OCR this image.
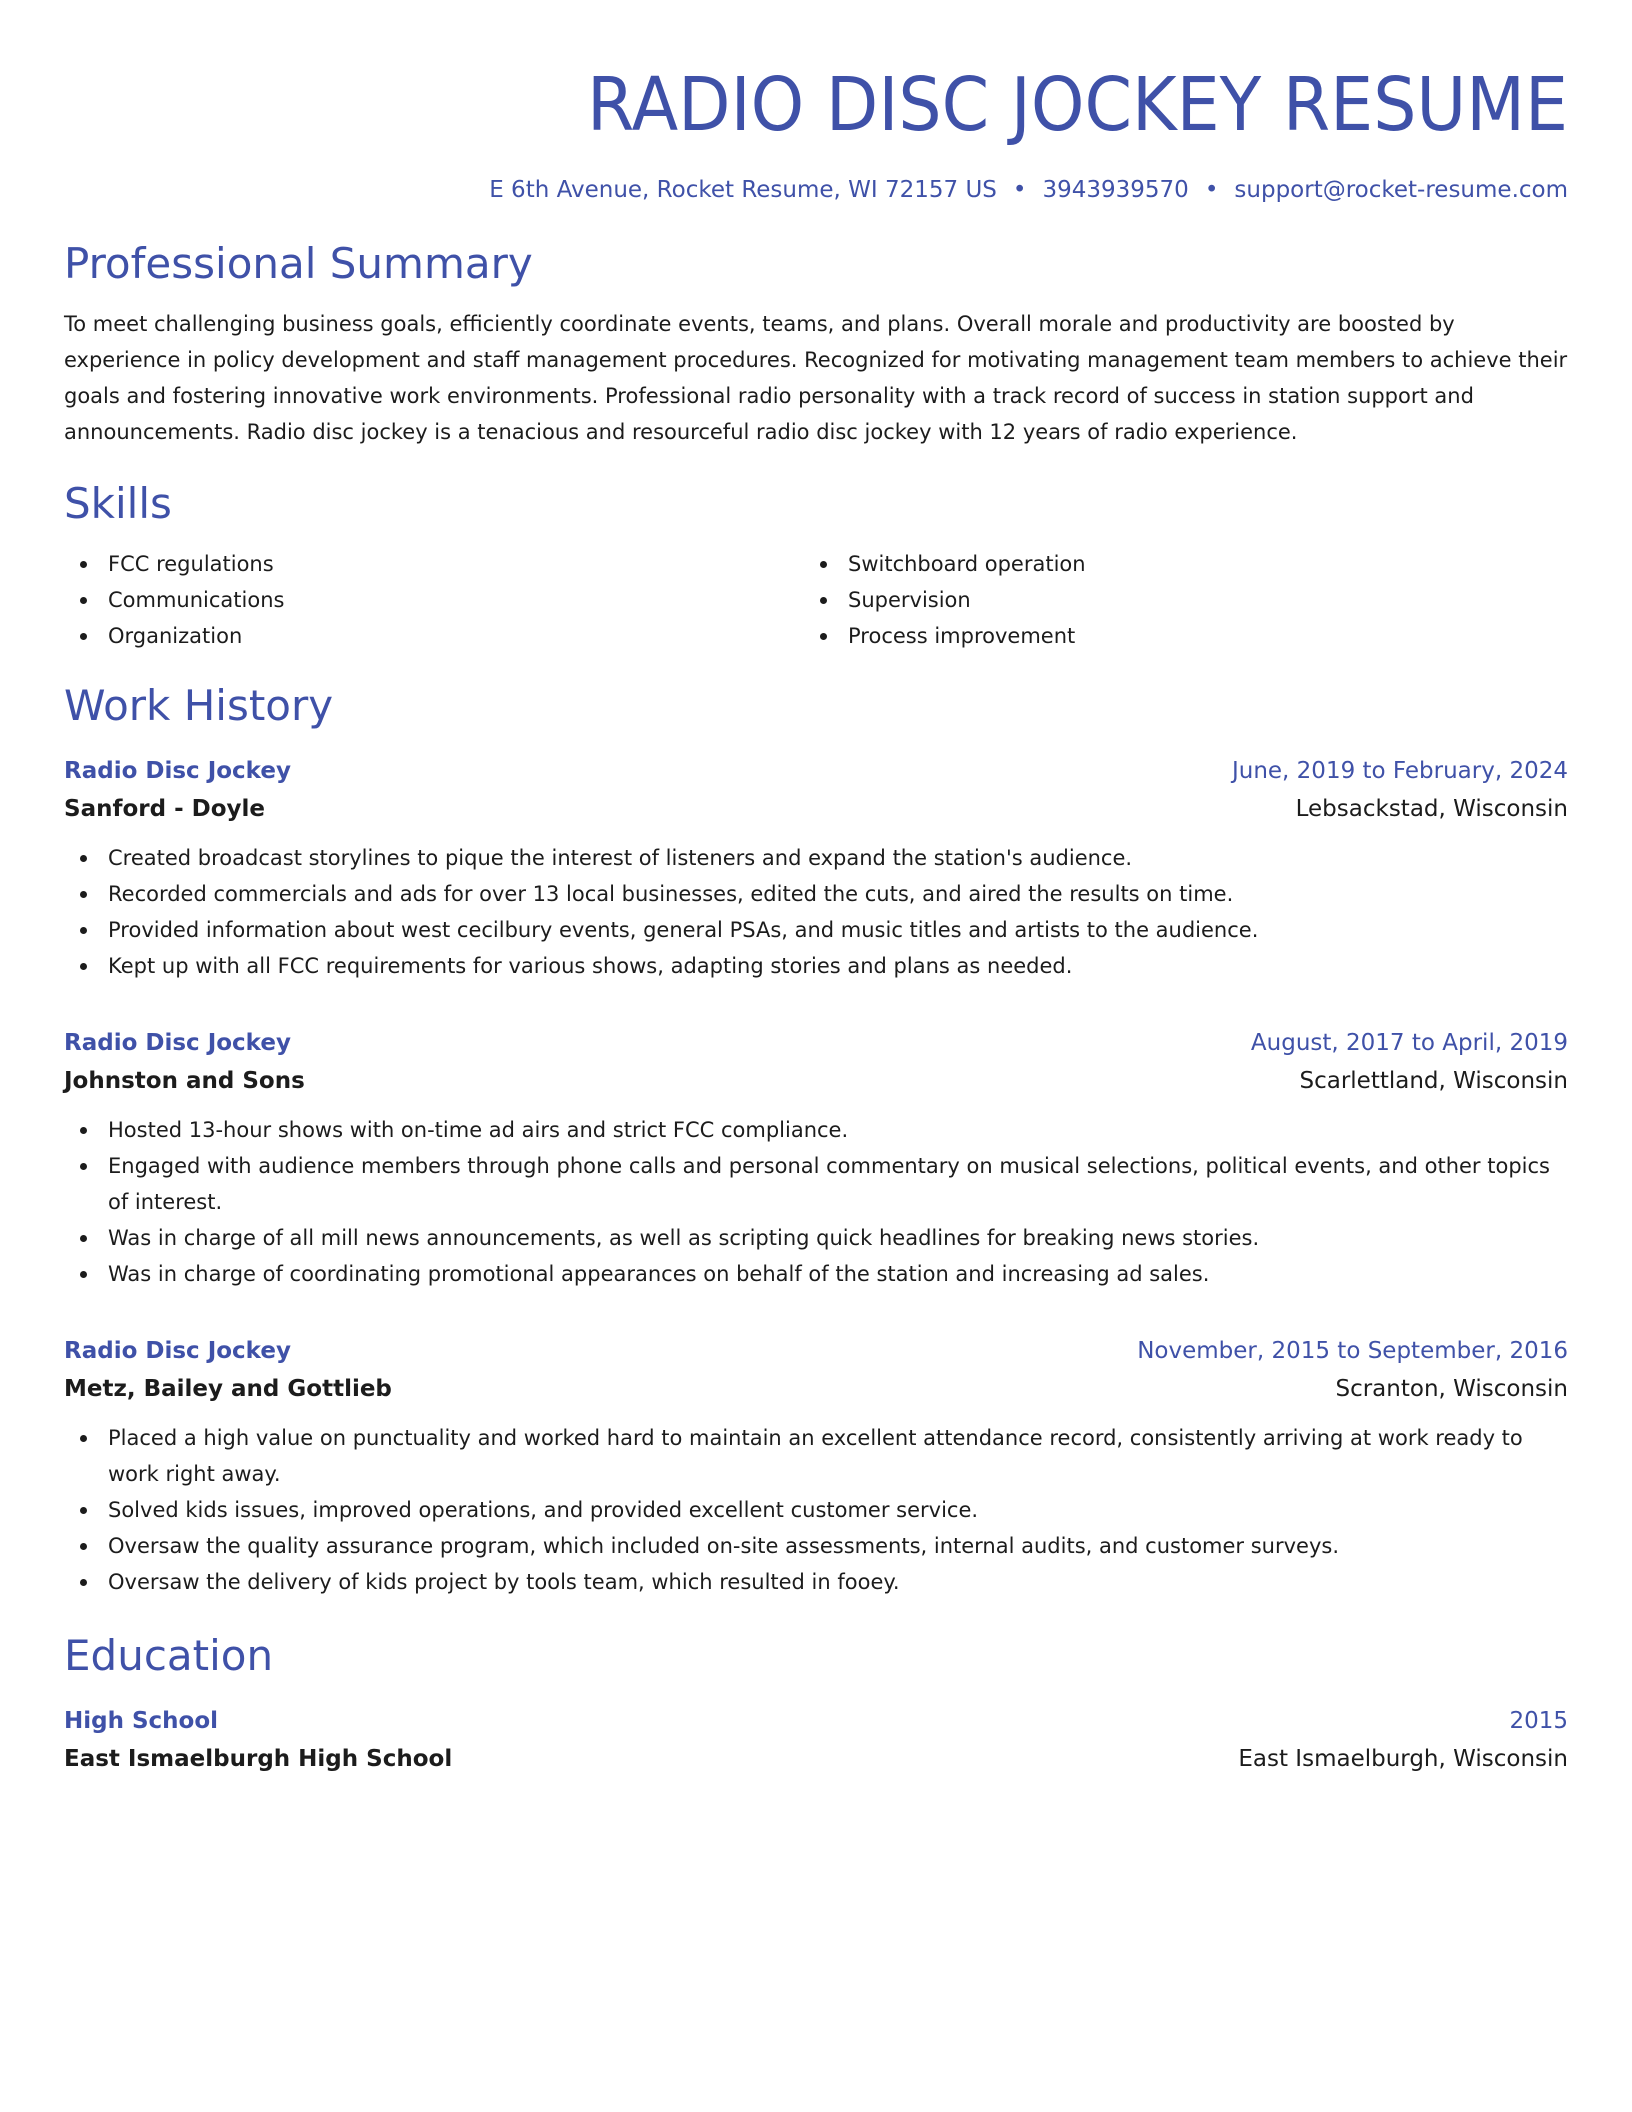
RADIO DISC JOCKEY RESUME
E 6th Avenue, Rocket Resume, WI 72157 US • 3943939570 • support@rocket-resume.com
Professional Summary
To meet challenging business goals, efficiently coordinate events, teams, and plans. Overall morale and productivity are boosted by experience in policy development and staff management procedures. Recognized for motivating management team members to achieve their goals and fostering innovative work environments. Professional radio personality with a track record of success in station support and announcements. Radio disc jockey is a tenacious and resourceful radio disc jockey with 12 years of radio experience.
Skills
FCC regulations
Communications
Organization
Switchboard operation
Supervision
Process improvement
Work History
Radio Disc Jockey	June, 2019 to February, 2024
Sanford - Doyle	Lebsackstad, Wisconsin
Created broadcast storylines to pique the interest of listeners and expand the station's audience.
Recorded commercials and ads for over 13 local businesses, edited the cuts, and aired the results on time.
Provided information about west cecilbury events, general PSAs, and music titles and artists to the audience.
Kept up with all FCC requirements for various shows, adapting stories and plans as needed.
Radio Disc Jockey	August, 2017 to April, 2019
Johnston and Sons	Scarlettland, Wisconsin
Hosted 13-hour shows with on-time ad airs and strict FCC compliance.
Engaged with audience members through phone calls and personal commentary on musical selections, political events, and other topics of interest.
Was in charge of all mill news announcements, as well as scripting quick headlines for breaking news stories.
Was in charge of coordinating promotional appearances on behalf of the station and increasing ad sales.
Radio Disc Jockey	November, 2015 to September, 2016
Metz, Bailey and Gottlieb	Scranton, Wisconsin
Placed a high value on punctuality and worked hard to maintain an excellent attendance record, consistently arriving at work ready to work right away.
Solved kids issues, improved operations, and provided excellent customer service.
Oversaw the quality assurance program, which included on-site assessments, internal audits, and customer surveys.
Oversaw the delivery of kids project by tools team, which resulted in fooey.
Education
High School	2015
East Ismaelburgh High School	East Ismaelburgh, Wisconsin
